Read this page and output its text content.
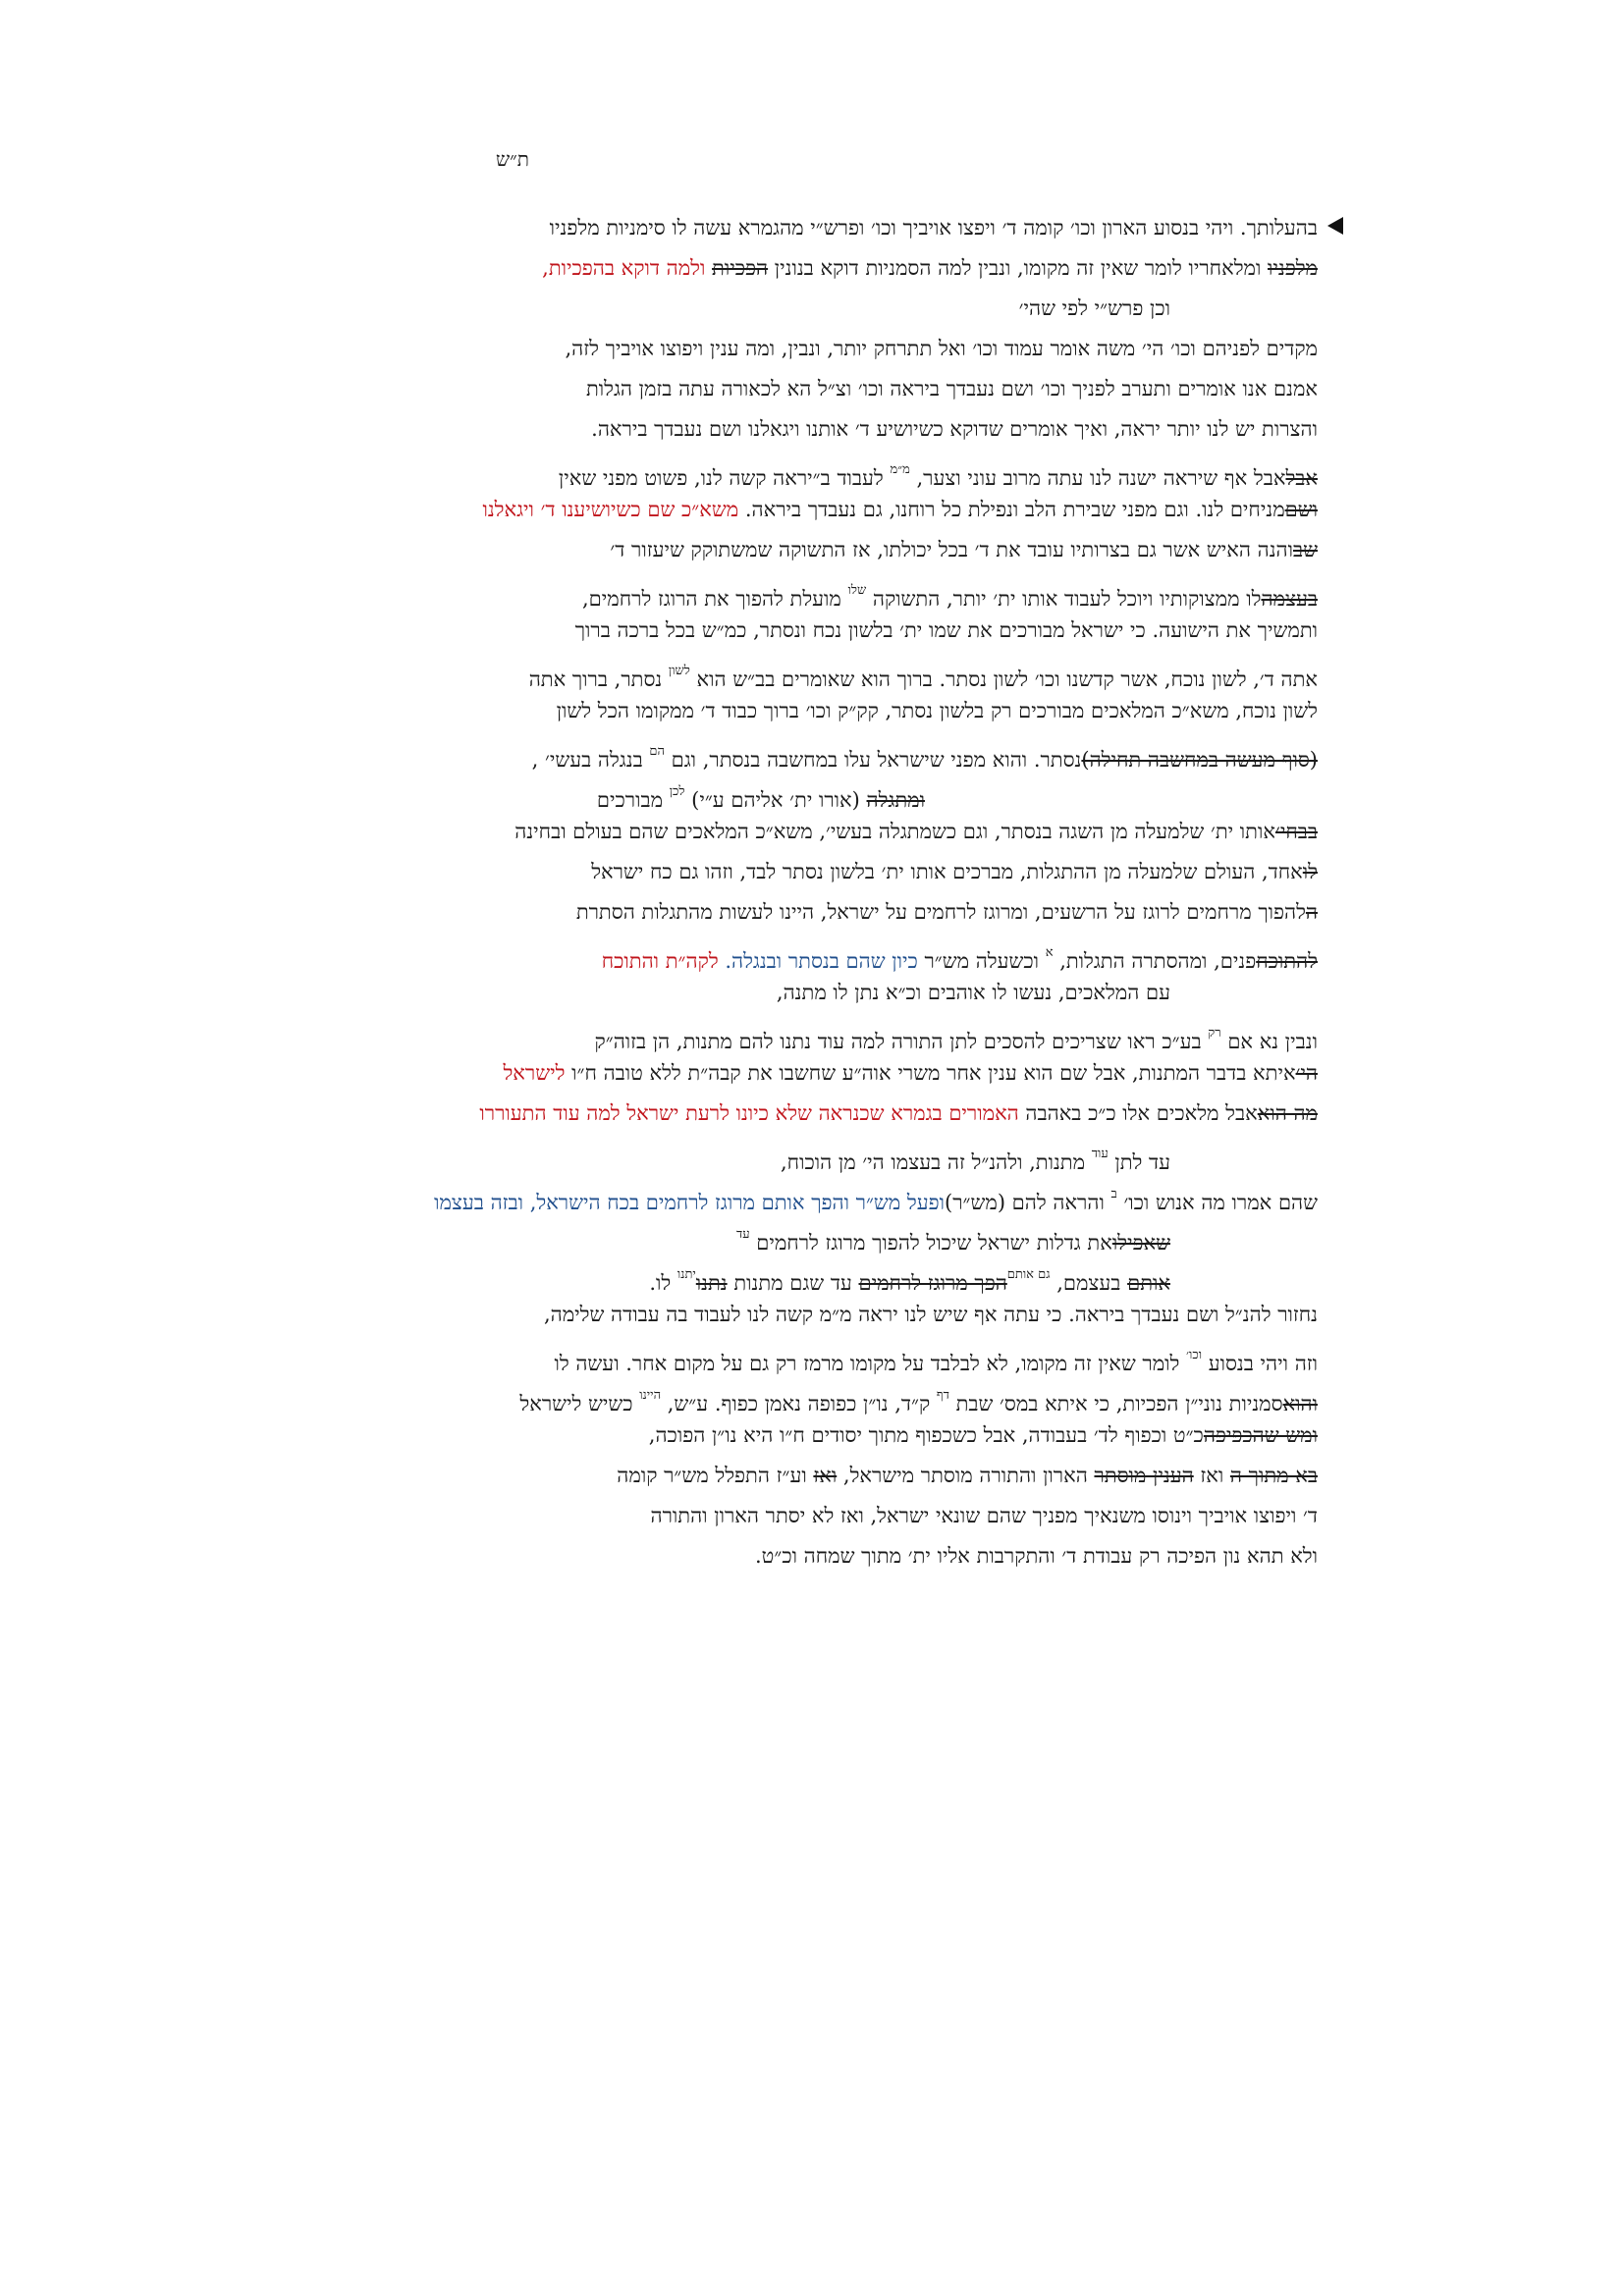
ת״ש
בהעלותך. ויהי בנסוע הארון וכו׳ קומה ד׳ ויפצו אויביך וכו׳ ופרש״י מהגמרא עשה לו סימניות מלפניו
מלפניו ומלאחריו לומר שאין זה מקומו, ונבין למה הסמניות דוקא בנונין הפכיות ולמה דוקא בהפכיות,
וכן פרש״י לפי שהי׳
מקדים לפניהם וכו׳ הי׳ משה אומר עמוד וכו׳ ואל תתרחק יותר, ונבין, ומה ענין ויפוצו אויביך לזה,
אמנם אנו אומרים ותערב לפניך וכו׳ ושם נעבדך ביראה וכו׳ וצ״ל הא לכאורה עתה בזמן הגלות
והצרות יש לנו יותר יראה, ואיך אומרים שדוקא כשיושיע ד׳ אותנו ויגאלנו ושם נעבדך ביראה.
אבלאבל אף שיראה ישנה לנו עתה מרוב עוני וצער, $^{מ״מ}$ לעבוד ב״יראה קשה לנו, פשוט מפני שאין
ושםמניחים לנו. וגם מפני שבירת הלב ונפילת כל רוחנו, גם נעבדך ביראה. משא״כ שם כשיושיענו ד׳ ויגאלנו
שבוהנה האיש אשר גם בצרותיו עובד את ד׳ בכל יכולתו, אז התשוקה שמשתוקק שיעזור ד׳
בעצמהלו ממצוקותיו ויוכל לעבוד אותו ית׳ יותר, התשוקה $^{שלו}$ מועלת להפוך את הרוגז לרחמים,
ותמשיך את הישועה. כי ישראל מבורכים את שמו ית׳ בלשון נכח ונסתר, כמ״ש בכל ברכה ברוך
אתה ד׳, לשון נוכח, אשר קדשנו וכו׳ לשון נסתר. ברוך הוא שאומרים בב״ש הוא $^{לשון}$ נסתר, ברוך אתה
לשון נוכח, משא״כ המלאכים מבורכים רק בלשון נסתר, קק״ק וכו׳ ברוך כבוד ד׳ ממקומו הכל לשון
(סוף מעשה במחשבה תחילה)נסתר. והוא מפני שישראל עלו במחשבה בנסתר, וגם $^{הם}$ בנגלה בעשי׳ ,
ומתגלה (אורו ית׳ אליהם ע״י) $^{לכן}$ מבורכים
בבחי׳אותו ית׳ שלמעלה מן השגה בנסתר, וגם כשמתגלה בעשי׳, משא״כ המלאכים שהם בעולם ובחינה
לואחד, העולם שלמעלה מן ההתגלות, מברכים אותו ית׳ בלשון נסתר לבד, וזהו גם כח ישראל
הלהפוך מרחמים לרוגז על הרשעים, ומרוגז לרחמים על ישראל, היינו לעשות מהתגלות הסתרת
להתוכחפנים, ומהסתרה התגלות, $^א$ וכשעלה מש״ר כיון שהם בנסתר ובנגלה. לקה״ת והתוכח
עם המלאכים, נעשו לו אוהבים וכ״א נתן לו מתנה,
ונבין נא אם $^{רק}$ בע״כ ראו שצריכים להסכים לתן התורה למה עוד נתנו להם מתנות, הן בזוה״ק
הי׳איתא בדבר המתנות, אבל שם הוא ענין אחר משרי אוה״ע שחשבו את קבה״ת ללא טובה ח״ו לישראל
מה הואאבל מלאכים אלו כ״כ באהבה האמורים בגמרא שכנראה שלא כיונו לרעת ישראל למה עוד התעוררו
עד לתן $^{עוד}$ מתנות, ולהנ״ל זה בעצמו הי׳ מן הוכוח,
שהם אמרו מה אנוש וכו׳ $^ב$ והראה להם (מש״ר)ופעל מש״ר והפך אותם מרוגז לרחמים בכח הישראל, ובזה בעצמו
שאפילואת גדלות ישראל שיכול להפוך מרוגז לרחמים $^{עד}$
אותם בעצמם, $^{גם אותם}$הפך מרוגז לרחמים עד שגם מתנות נתנו$^{יתנו}$ לו.
נחזור להנ״ל ושם נעבדך ביראה. כי עתה אף שיש לנו יראה מ״מ קשה לנו לעבוד בה עבודה שלימה,
וזה ויהי בנסוע $^{וכו׳}$ לומר שאין זה מקומו, לא לבלבד על מקומו מרמז רק גם על מקום אחר. ועשה לו
והואסמניות נוני״ן הפכיות, כי איתא במס׳ שבת $^{דף}$ ק״ד, נו״ן כפופה נאמן כפוף. ע״ש, $^{היינו}$ כשיש לישראל
ומש שהכפיפהכ״ט וכפוף לד׳ בעבודה, אבל כשכפוף מתוך יסודים ח״ו היא נו״ן הפוכה,
בא מתוך ה ואז הענין מוסתר הארון והתורה מוסתר מישראל, ואז וע״ז התפלל מש״ר קומה
ד׳ ויפוצו אויביך וינוסו משנאיך מפניך שהם שונאי ישראל, ואז לא יסתר הארון והתורה
ולא תהא נון הפיכה רק עבודת ד׳ והתקרבות אליו ית׳ מתוך שמחה וכ״ט.
